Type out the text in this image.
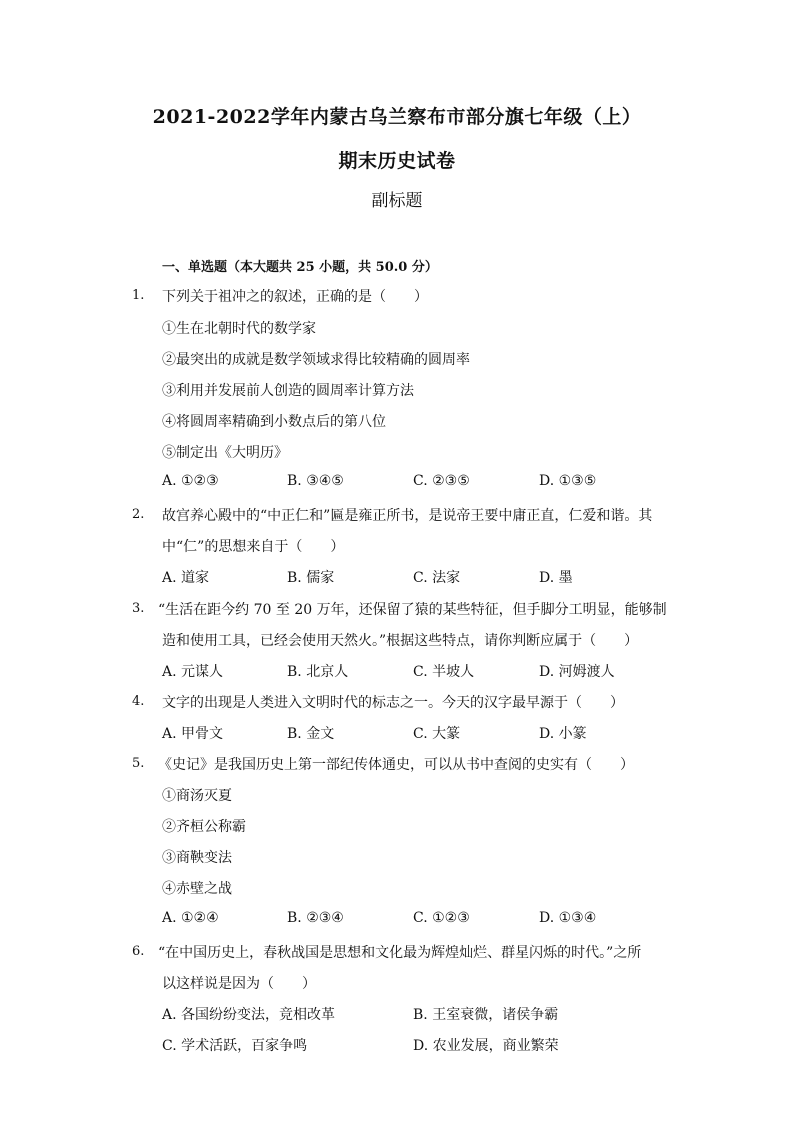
2021-2022学年内蒙古乌兰察布市部分旗七年级（上）
期末历史试卷
副标题
一、单选题（本大题共 25 小题，共 50.0 分）
1. 下列关于祖冲之的叙述，正确的是（　　）
①生在北朝时代的数学家
②最突出的成就是数学领域求得比较精确的圆周率
③利用并发展前人创造的圆周率计算方法
④将圆周率精确到小数点后的第八位
⑤制定出《大明历》
A. ①②③	B. ③④⑤	C. ②③⑤	D. ①③⑤
2. 故宫养心殿中的“中正仁和”匾是雍正所书，是说帝王要中庸正直，仁爱和谐。其
中“仁”的思想来自于（　　）
A. 道家	B. 儒家	C. 法家	D. 墨
3. “生活在距今约 70 至 20 万年，还保留了猿的某些特征，但手脚分工明显，能够制
造和使用工具，已经会使用天然火。”根据这些特点，请你判断应属于（　　）
A. 元谋人	B. 北京人	C. 半坡人	D. 河姆渡人
4. 文字的出现是人类进入文明时代的标志之一。今天的汉字最早源于（　　）
A. 甲骨文	B. 金文	C. 大篆	D. 小篆
5. 《史记》是我国历史上第一部纪传体通史，可以从书中查阅的史实有（　　）
①商汤灭夏
②齐桓公称霸
③商鞅变法
④赤壁之战
A. ①②④	B. ②③④	C. ①②③	D. ①③④
6. “在中国历史上，春秋战国是思想和文化最为辉煌灿烂、群星闪烁的时代。”之所
以这样说是因为（　　）
A. 各国纷纷变法，竞相改革	B. 王室衰微，诸侯争霸
C. 学术活跃，百家争鸣	D. 农业发展，商业繁荣
